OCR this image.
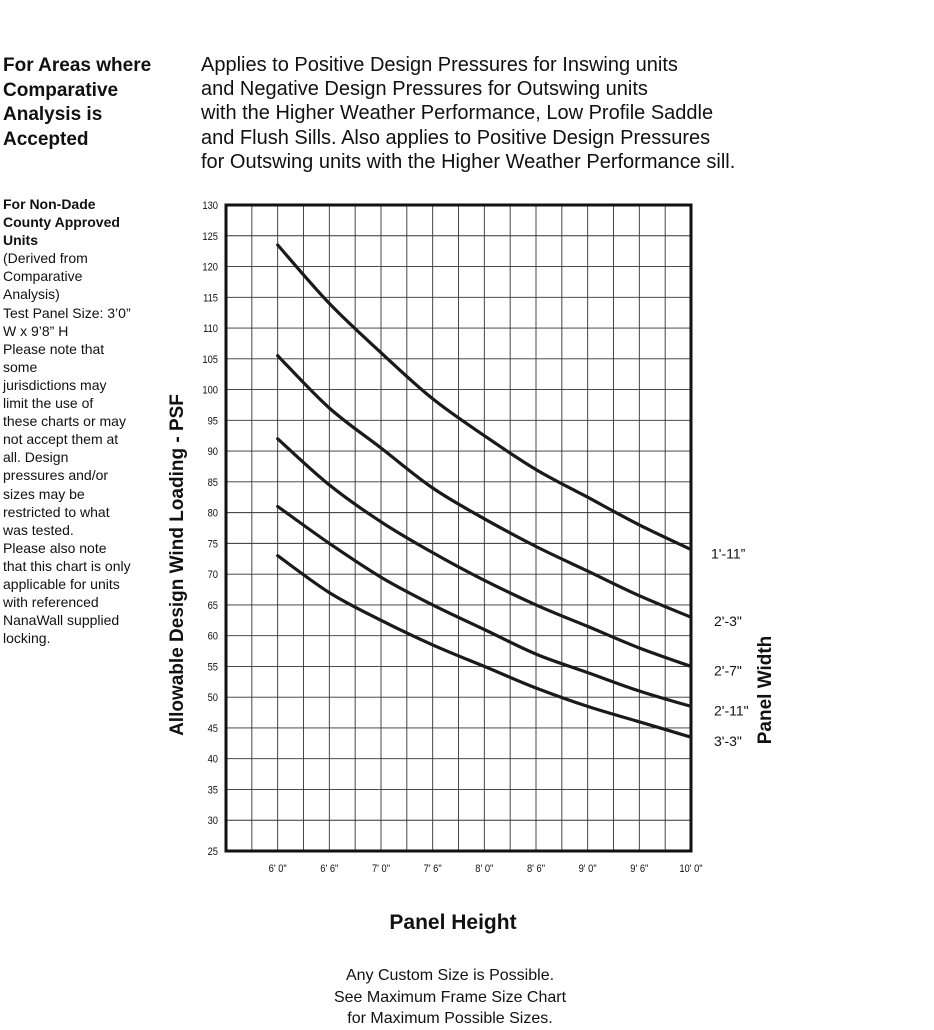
For Areas where
Comparative
Analysis is
Accepted
For Non-Dade
County Approved
Units
(Derived from
Comparative
Analysis)
Test Panel Size: 3’0”
W x 9’8” H
Please note that
some
jurisdictions may
limit the use of
these charts or may
not accept them at
all. Design
pressures and/or
sizes may be
restricted to what
was tested.
Please also note
that this chart is only
applicable for units
with referenced
NanaWall supplied
locking.
Applies to Positive Design Pressures for Inswing units
and Negative Design Pressures for Outswing units
with the Higher Weather Performance, Low Profile Saddle
and Flush Sills. Also applies to Positive Design Pressures
for Outswing units with the Higher Weather Performance sill.
25
30
35
40
45
50
55
60
65
70
75
80
85
90
95
100
105
110
115
120
125
130
6' 0"	6' 6"	7' 0"	7' 6"	8' 0"	8' 6"	9' 0"	9' 6"	10' 0"
1'-11”
2'-3"
2'-7"
2'-11"
3'-3"
Allowable Design Wind Loading - PSF	Panel Width
Panel Height
Any Custom Size is Possible.
See Maximum Frame Size Chart
for Maximum Possible Sizes.
